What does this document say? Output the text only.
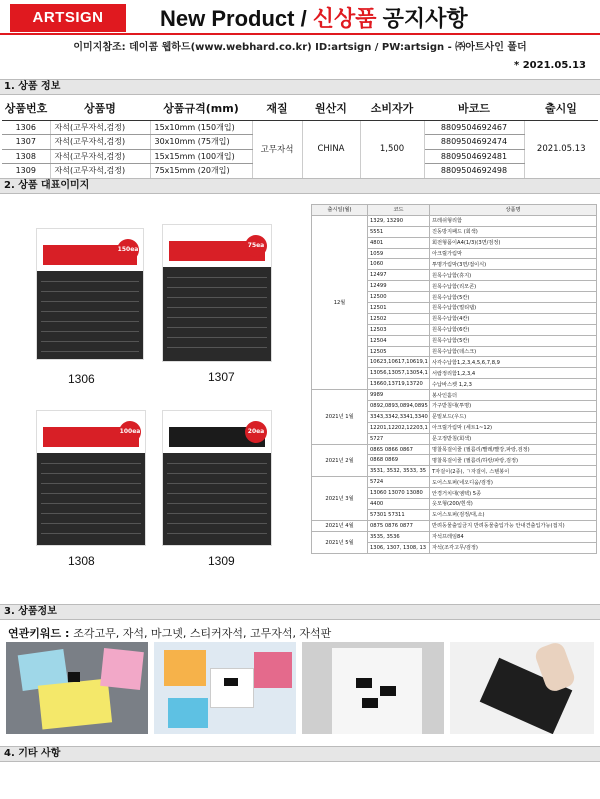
ARTSIGN	New Product / 신상품 공지사항
이미지참조: 데이콤 웹하드(www.webhard.co.kr) ID:artsign / PW:artsign - ㈜아트사인 폴더
* 2021.05.13
1. 상품 정보
상품번호	상품명	상품규격(mm)	재질	원산지	소비자가	바코드	출시일
1306	자석(고무자석,검정)	15x10mm (150개입)	고무자석	CHINA	1,500	8809504692467	2021.05.13
1307	자석(고무자석,검정)	30x10mm (75개입)				8809504692474	
1308	자석(고무자석,검정)	15x15mm (100개입)				8809504692481	
1309	자석(고무자석,검정)	75x15mm (20개입)				8809504692498	
2. 상품 대표이미지
150ea
75ea
100ea	20ea
1306	1307
1308	1309
출시일(월)	코드	상품명
12월	1329, 13290	프레쉬형리함
	5551	진동방지패드 (회색)
	4801	회전형폼이A4(1/3)(3면/검정)
	1059	아크릴가림막
	1060	투명가림막(3면/접이식)
	12497	원목수납함(휴지)
	12499	원목수납함(리모콘)
	12500	원목수납함(5칸)
	12501	원목수납함(멀티탭)
	12502	원목수납함(4칸)
	12503	원목수납함(6칸)
	12504	원목수납함(5칸)
	12505	원목수납함(데스크)
	10623,10617,10619,1	사각수납함1,2,3,4,5,6,7,8,9
	13056,13057,13054,1	서랍정리함1,2,3,4
	13660,13719,13720	수납바스켓 1,2,3
2021년 1월	9989	봉사인홀더
	0892,0893,0894,0895	가구받침대(투명)
	3343,3342,3341,3340	문밑보드(우드)
	12201,12202,12203,1	아크릴가림막 (세트1~12)
	5727	문고정받침(회색)
2021년 2월	0865 0866 0867	명찰목걸이줄 (필름리/빨레/빨강,파랑,검정)
	0868 0869	명찰목걸이줄 (필름리/하랑/파랑,검정)
	3531, 3532, 3533, 35	T자걸이(2종), ㄱ자걸이, 스텐봉이
2021년 3월	5724	도어스토퍼(네오디움/검정)
	13060 13070 13080	안경거치대(엠텍) 5종
	4400	옷모형(200/흰색)
	57301 57311	도어스토퍼(검정/대,소)
2021년 4월	0875 0876 0877	반려동물출입금지 반려동물출입가능 안내견출입가능(접지)
2021년 5월	3535, 3536	자석프레임84
	1306, 1307, 1308, 13	자석(조각고무/검정)
3. 상품정보
연관키워드 : 조각고무, 자석, 마그넷, 스티커자석, 고무자석, 자석판
4. 기타 사항
